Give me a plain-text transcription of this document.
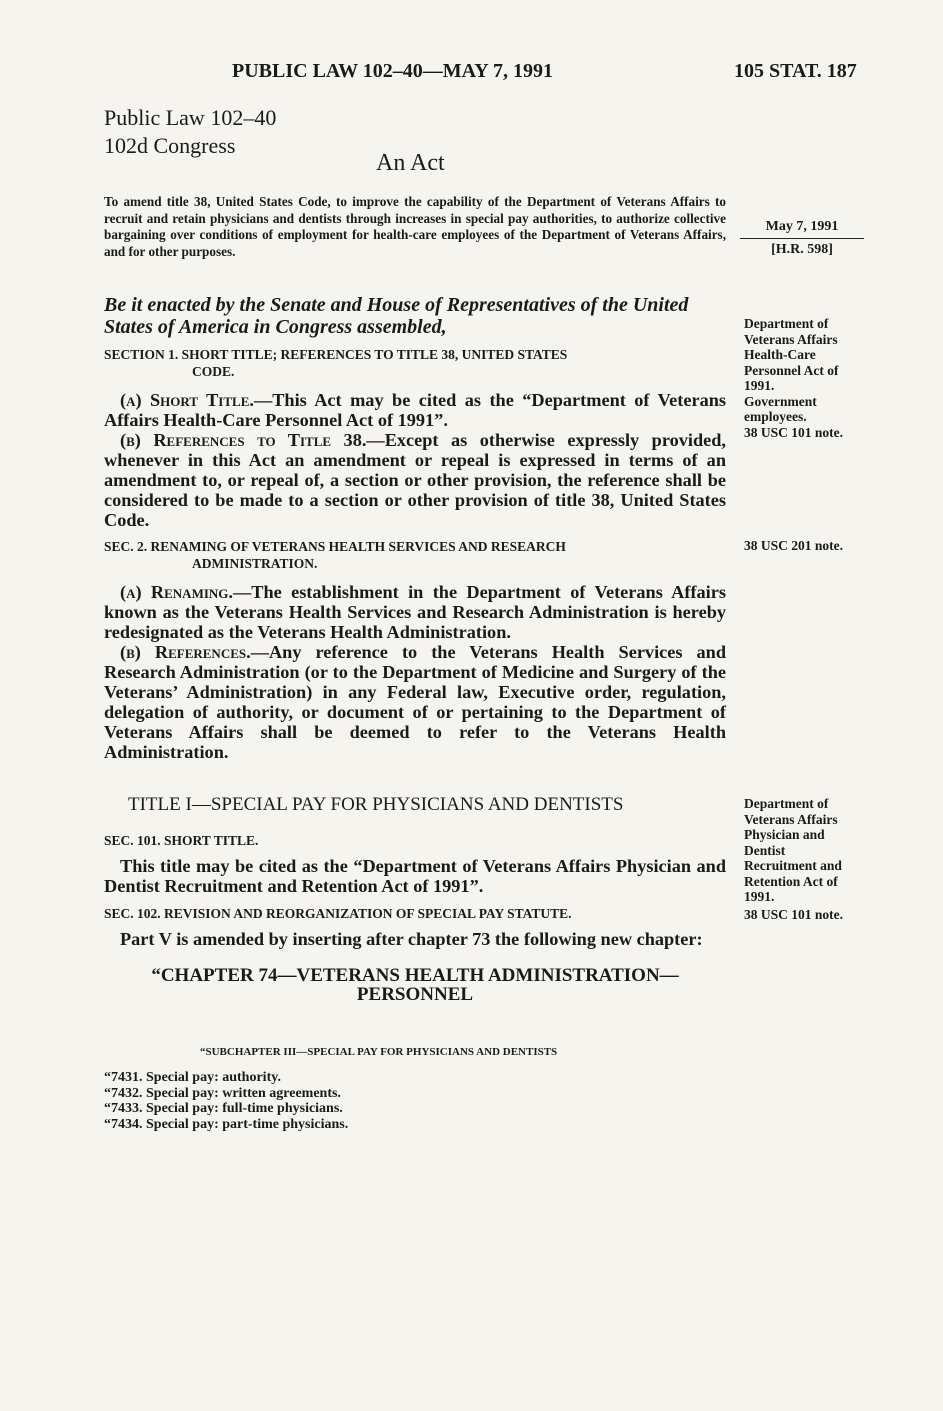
PUBLIC LAW 102–40—MAY 7, 1991	105 STAT. 187
Public Law 102–40
102d Congress
An Act
To amend title 38, United States Code, to improve the capability of the Department of Veterans Affairs to recruit and retain physicians and dentists through increases in special pay authorities, to authorize collective bargaining over conditions of employment for health-care employees of the Department of Veterans Affairs, and for other purposes.
May 7, 1991
[H.R. 598]
Be it enacted by the Senate and House of Representatives of the United States of America in Congress assembled,
SECTION 1. SHORT TITLE; REFERENCES TO TITLE 38, UNITED STATES
CODE.

(a) Short Title.—This Act may be cited as the “Department of Veterans Affairs Health-Care Personnel Act of 1991”.

(b) References to Title 38.—Except as otherwise expressly provided, whenever in this Act an amendment or repeal is expressed in terms of an amendment to, or repeal of, a section or other provision, the reference shall be considered to be made to a section or other provision of title 38, United States Code.

SEC. 2. RENAMING OF VETERANS HEALTH SERVICES AND RESEARCH
ADMINISTRATION.

(a) Renaming.—The establishment in the Department of Veterans Affairs known as the Veterans Health Services and Research Administration is hereby redesignated as the Veterans Health Administration.

(b) References.—Any reference to the Veterans Health Services and Research Administration (or to the Department of Medicine and Surgery of the Veterans’ Administration) in any Federal law, Executive order, regulation, delegation of authority, or document of or pertaining to the Department of Veterans Affairs shall be deemed to refer to the Veterans Health Administration.

TITLE I—SPECIAL PAY FOR PHYSICIANS AND DENTISTS
SEC. 101. SHORT TITLE.

This title may be cited as the “Department of Veterans Affairs Physician and Dentist Recruitment and Retention Act of 1991”.

SEC. 102. REVISION AND REORGANIZATION OF SPECIAL PAY STATUTE.

Part V is amended by inserting after chapter 73 the following new chapter:

“CHAPTER 74—VETERANS HEALTH ADMINISTRATION— PERSONNEL
“SUBCHAPTER III—SPECIAL PAY FOR PHYSICIANS AND DENTISTS
“7431. Special pay: authority.
“7432. Special pay: written agreements.
“7433. Special pay: full-time physicians.
“7434. Special pay: part-time physicians.
Department of
Veterans Affairs
Health-Care
Personnel Act of
1991.
Government
employees.
38 USC 101 note.
38 USC 201 note.
Department of
Veterans Affairs
Physician and
Dentist
Recruitment and
Retention Act of
1991.
38 USC 101 note.
